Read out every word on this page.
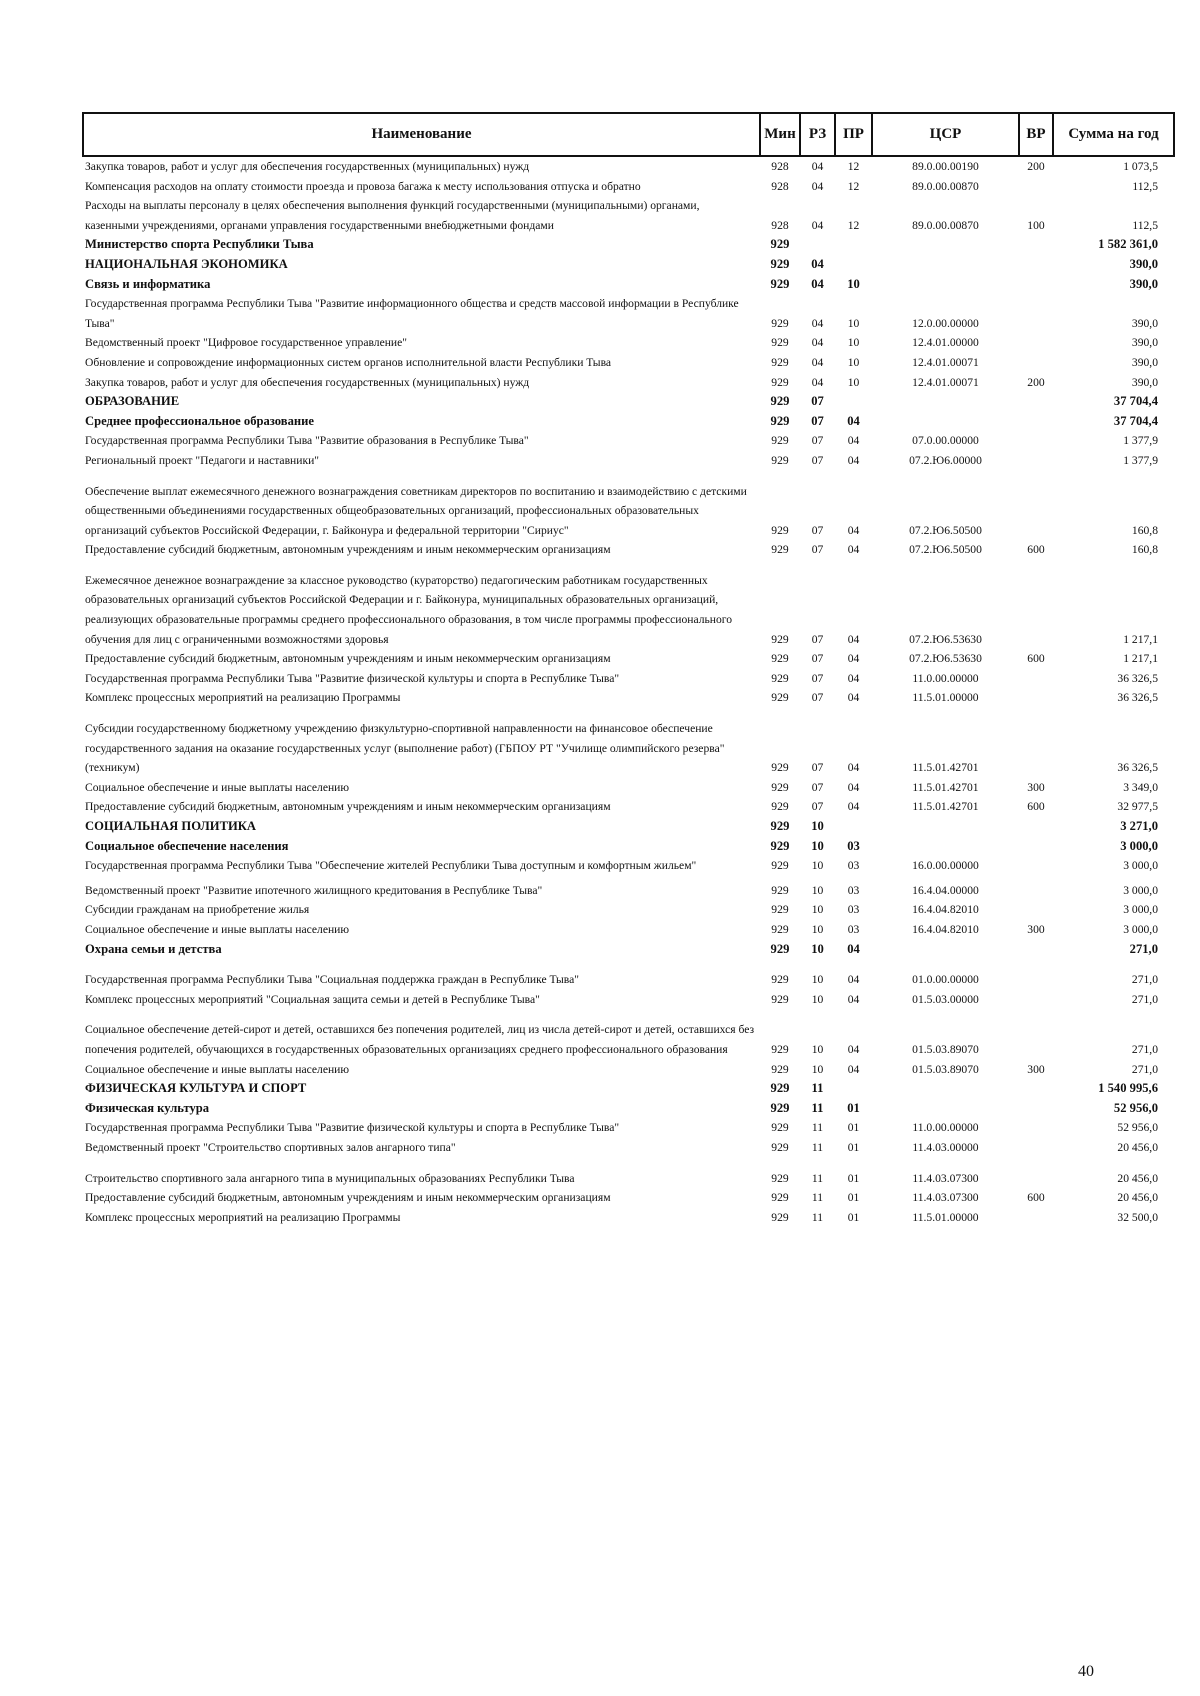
Наименование	Мин	РЗ	ПР	ЦСР	ВР	Сумма на год
Закупка товаров, работ и услуг для обеспечения государственных (муниципальных) нужд	928	04	12	89.0.00.00190	200	1 073,5
Компенсация расходов на оплату стоимости проезда и провоза багажа к месту использования отпуска и обратно	928	04	12	89.0.00.00870		112,5
Расходы на выплаты персоналу в целях обеспечения выполнения функций государственными (муниципальными) органами, казенными учреждениями, органами управления государственными внебюджетными фондами	928	04	12	89.0.00.00870	100	112,5
Министерство спорта Республики Тыва	929					1 582 361,0
НАЦИОНАЛЬНАЯ ЭКОНОМИКА	929	04				390,0
Связь и информатика	929	04	10			390,0
Государственная программа Республики Тыва "Развитие информационного общества и средств массовой информации в Республике Тыва"	929	04	10	12.0.00.00000		390,0
Ведомственный проект "Цифровое государственное управление"	929	04	10	12.4.01.00000		390,0
Обновление и сопровождение информационных систем органов исполнительной власти Республики Тыва	929	04	10	12.4.01.00071		390,0
Закупка товаров, работ и услуг для обеспечения государственных (муниципальных) нужд	929	04	10	12.4.01.00071	200	390,0
ОБРАЗОВАНИЕ	929	07				37 704,4
Среднее профессиональное образование	929	07	04			37 704,4
Государственная программа Республики Тыва "Развитие образования в Республике Тыва"	929	07	04	07.0.00.00000		1 377,9
Региональный проект "Педагоги и наставники"	929	07	04	07.2.Ю6.00000		1 377,9
Обеспечение выплат ежемесячного денежного вознаграждения советникам директоров по воспитанию и взаимодействию с детскими общественными объединениями государственных общеобразовательных организаций, профессиональных образовательных организаций субъектов Российской Федерации, г. Байконура и федеральной территории "Сириус"	929	07	04	07.2.Ю6.50500		160,8
Предоставление субсидий бюджетным, автономным учреждениям и иным некоммерческим организациям	929	07	04	07.2.Ю6.50500	600	160,8
Ежемесячное денежное вознаграждение за классное руководство (кураторство) педагогическим работникам государственных образовательных организаций субъектов Российской Федерации и г. Байконура, муниципальных образовательных организаций, реализующих образовательные программы среднего профессионального образования, в том числе программы профессионального обучения для лиц с ограниченными возможностями здоровья	929	07	04	07.2.Ю6.53630		1 217,1
Предоставление субсидий бюджетным, автономным учреждениям и иным некоммерческим организациям	929	07	04	07.2.Ю6.53630	600	1 217,1
Государственная программа Республики Тыва "Развитие физической культуры и спорта в Республике Тыва"	929	07	04	11.0.00.00000		36 326,5
Комплекс процессных мероприятий на реализацию Программы	929	07	04	11.5.01.00000		36 326,5
Субсидии государственному бюджетному учреждению физкультурно-спортивной направленности на финансовое обеспечение государственного задания на оказание государственных услуг (выполнение работ) (ГБПОУ РТ "Училище олимпийского резерва" (техникум)	929	07	04	11.5.01.42701		36 326,5
Социальное обеспечение и иные выплаты населению	929	07	04	11.5.01.42701	300	3 349,0
Предоставление субсидий бюджетным, автономным учреждениям и иным некоммерческим организациям	929	07	04	11.5.01.42701	600	32 977,5
СОЦИАЛЬНАЯ ПОЛИТИКА	929	10				3 271,0
Социальное обеспечение населения	929	10	03			3 000,0
Государственная программа Республики Тыва "Обеспечение жителей Республики Тыва доступным и комфортным жильем"	929	10	03	16.0.00.00000		3 000,0
Ведомственный проект "Развитие ипотечного жилищного кредитования в Республике Тыва"	929	10	03	16.4.04.00000		3 000,0
Субсидии гражданам на приобретение жилья	929	10	03	16.4.04.82010		3 000,0
Социальное обеспечение и иные выплаты населению	929	10	03	16.4.04.82010	300	3 000,0
Охрана семьи и детства	929	10	04			271,0
Государственная программа Республики Тыва "Социальная поддержка граждан в Республике Тыва"	929	10	04	01.0.00.00000		271,0
Комплекс процессных мероприятий "Социальная защита семьи и детей в Республике Тыва"	929	10	04	01.5.03.00000		271,0
Социальное обеспечение детей-сирот и детей, оставшихся без попечения родителей, лиц из числа детей-сирот и детей, оставшихся без попечения родителей, обучающихся в государственных образовательных организациях среднего профессионального образования	929	10	04	01.5.03.89070		271,0
Социальное обеспечение и иные выплаты населению	929	10	04	01.5.03.89070	300	271,0
ФИЗИЧЕСКАЯ КУЛЬТУРА И СПОРТ	929	11				1 540 995,6
Физическая культура	929	11	01			52 956,0
Государственная программа Республики Тыва "Развитие физической культуры и спорта в Республике Тыва"	929	11	01	11.0.00.00000		52 956,0
Ведомственный проект "Строительство спортивных залов ангарного типа"	929	11	01	11.4.03.00000		20 456,0
Строительство спортивного зала ангарного типа в муниципальных образованиях Республики Тыва	929	11	01	11.4.03.07300		20 456,0
Предоставление субсидий бюджетным, автономным учреждениям и иным некоммерческим организациям	929	11	01	11.4.03.07300	600	20 456,0
Комплекс процессных мероприятий на реализацию Программы	929	11	01	11.5.01.00000		32 500,0
40
